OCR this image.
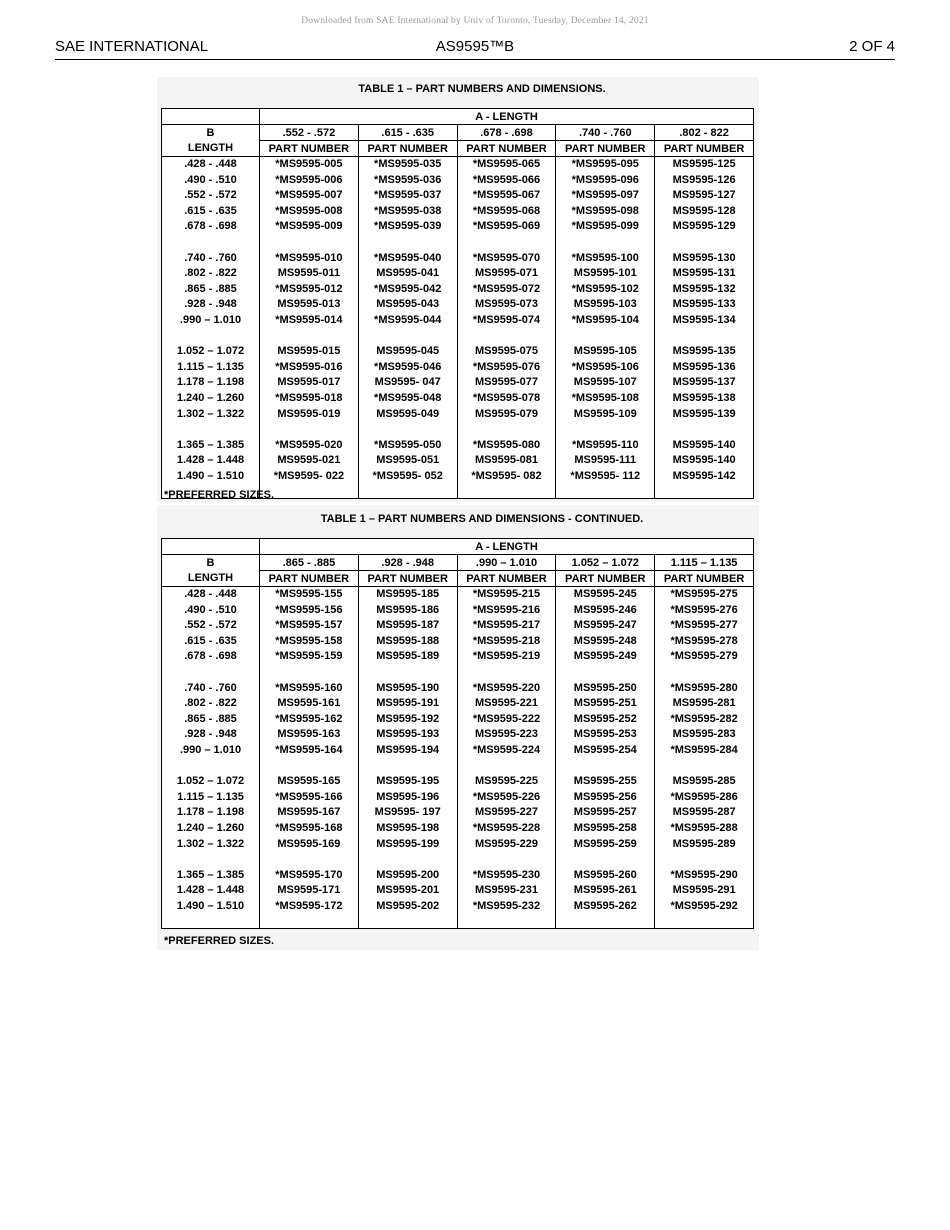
Downloaded from SAE International by Univ of Toronto, Tuesday, December 14, 2021
SAE INTERNATIONAL	AS9595™B	2 OF 4
TABLE 1 – PART NUMBERS AND DIMENSIONS.
	A - LENGTH				
B	.552 - .572	.615 - .635	.678 - .698	.740 - .760	.802 - 822
LENGTH	PART NUMBER	PART NUMBER	PART NUMBER	PART NUMBER	PART NUMBER
.428 - .448	*MS9595-005	*MS9595-035	*MS9595-065	*MS9595-095	MS9595-125
.490 - .510	*MS9595-006	*MS9595-036	*MS9595-066	*MS9595-096	MS9595-126
.552 - .572	*MS9595-007	*MS9595-037	*MS9595-067	*MS9595-097	MS9595-127
.615 - .635	*MS9595-008	*MS9595-038	*MS9595-068	*MS9595-098	MS9595-128
.678 - .698	*MS9595-009	*MS9595-039	*MS9595-069	*MS9595-099	MS9595-129

.740 - .760	*MS9595-010	*MS9595-040	*MS9595-070	*MS9595-100	MS9595-130
.802 - .822	MS9595-011	MS9595-041	MS9595-071	MS9595-101	MS9595-131
.865 - .885	*MS9595-012	*MS9595-042	*MS9595-072	*MS9595-102	MS9595-132
.928 - .948	MS9595-013	MS9595-043	MS9595-073	MS9595-103	MS9595-133
.990 – 1.010	*MS9595-014	*MS9595-044	*MS9595-074	*MS9595-104	MS9595-134

1.052 – 1.072	MS9595-015	MS9595-045	MS9595-075	MS9595-105	MS9595-135
1.115 – 1.135	*MS9595-016	*MS9595-046	*MS9595-076	*MS9595-106	MS9595-136
1.178 – 1.198	MS9595-017	MS9595- 047	MS9595-077	MS9595-107	MS9595-137
1.240 – 1.260	*MS9595-018	*MS9595-048	*MS9595-078	*MS9595-108	MS9595-138
1.302 – 1.322	MS9595-019	MS9595-049	MS9595-079	MS9595-109	MS9595-139

1.365 – 1.385	*MS9595-020	*MS9595-050	*MS9595-080	*MS9595-110	MS9595-140
1.428 – 1.448	MS9595-021	MS9595-051	MS9595-081	MS9595-111	MS9595-140
1.490 – 1.510	*MS9595- 022	*MS9595- 052	*MS9595- 082	*MS9595- 112	MS9595-142

*PREFERRED SIZES.
TABLE 1 – PART NUMBERS AND DIMENSIONS - CONTINUED.
	A - LENGTH				
B	.865 - .885	.928 - .948	.990 – 1.010	1.052 – 1.072	1.115 – 1.135
LENGTH	PART NUMBER	PART NUMBER	PART NUMBER	PART NUMBER	PART NUMBER
.428 - .448	*MS9595-155	MS9595-185	*MS9595-215	MS9595-245	*MS9595-275
.490 - .510	*MS9595-156	MS9595-186	*MS9595-216	MS9595-246	*MS9595-276
.552 - .572	*MS9595-157	MS9595-187	*MS9595-217	MS9595-247	*MS9595-277
.615 - .635	*MS9595-158	MS9595-188	*MS9595-218	MS9595-248	*MS9595-278
.678 - .698	*MS9595-159	MS9595-189	*MS9595-219	MS9595-249	*MS9595-279

.740 - .760	*MS9595-160	MS9595-190	*MS9595-220	MS9595-250	*MS9595-280
.802 - .822	MS9595-161	MS9595-191	MS9595-221	MS9595-251	MS9595-281
.865 - .885	*MS9595-162	MS9595-192	*MS9595-222	MS9595-252	*MS9595-282
.928 - .948	MS9595-163	MS9595-193	MS9595-223	MS9595-253	MS9595-283
.990 – 1.010	*MS9595-164	MS9595-194	*MS9595-224	MS9595-254	*MS9595-284

1.052 – 1.072	MS9595-165	MS9595-195	MS9595-225	MS9595-255	MS9595-285
1.115 – 1.135	*MS9595-166	MS9595-196	*MS9595-226	MS9595-256	*MS9595-286
1.178 – 1.198	MS9595-167	MS9595- 197	MS9595-227	MS9595-257	MS9595-287
1.240 – 1.260	*MS9595-168	MS9595-198	*MS9595-228	MS9595-258	*MS9595-288
1.302 – 1.322	MS9595-169	MS9595-199	MS9595-229	MS9595-259	MS9595-289

1.365 – 1.385	*MS9595-170	MS9595-200	*MS9595-230	MS9595-260	*MS9595-290
1.428 – 1.448	MS9595-171	MS9595-201	MS9595-231	MS9595-261	MS9595-291
1.490 – 1.510	*MS9595-172	MS9595-202	*MS9595-232	MS9595-262	*MS9595-292

*PREFERRED SIZES.
